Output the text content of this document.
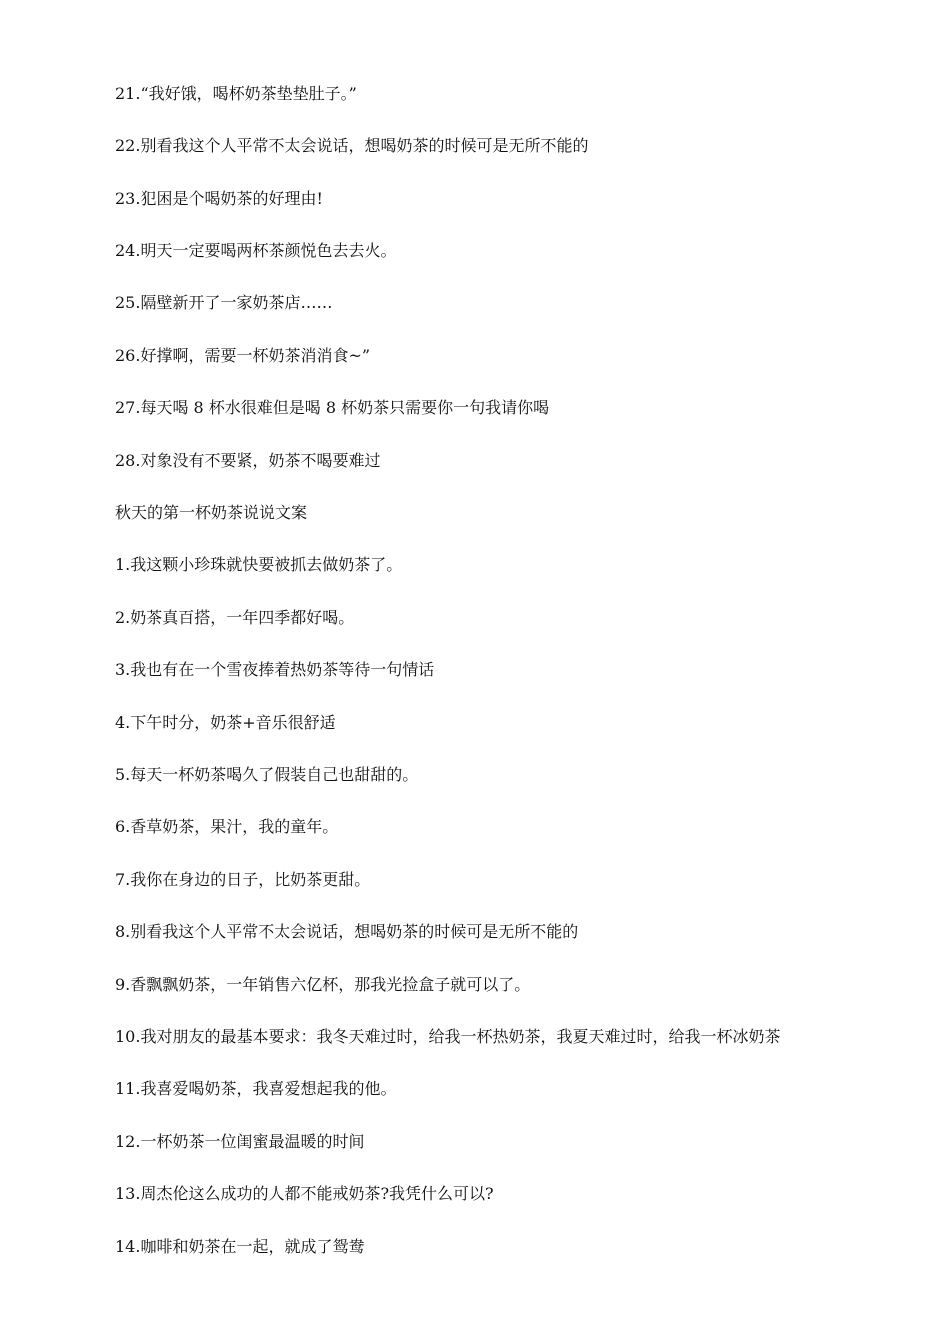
21.“我好饿，喝杯奶茶垫垫肚子。”
22.别看我这个人平常不太会说话，想喝奶茶的时候可是无所不能的
23.犯困是个喝奶茶的好理由!
24.明天一定要喝两杯茶颜悦色去去火。
25.隔壁新开了一家奶茶店……
26.好撑啊，需要一杯奶茶消消食~”
27.每天喝 8 杯水很难但是喝 8 杯奶茶只需要你一句我请你喝
28.对象没有不要紧，奶茶不喝要难过
秋天的第一杯奶茶说说文案
1.我这颗小珍珠就快要被抓去做奶茶了。
2.奶茶真百搭，一年四季都好喝。
3.我也有在一个雪夜捧着热奶茶等待一句情话
4.下午时分，奶茶+音乐很舒适
5.每天一杯奶茶喝久了假装自己也甜甜的。
6.香草奶茶，果汁，我的童年。
7.我你在身边的日子，比奶茶更甜。
8.别看我这个人平常不太会说话，想喝奶茶的时候可是无所不能的
9.香飘飘奶茶，一年销售六亿杯，那我光捡盒子就可以了。
10.我对朋友的最基本要求：我冬天难过时，给我一杯热奶茶，我夏天难过时，给我一杯冰奶茶
11.我喜爱喝奶茶，我喜爱想起我的他。
12.一杯奶茶一位闺蜜最温暖的时间
13.周杰伦这么成功的人都不能戒奶茶?我凭什么可以?
14.咖啡和奶茶在一起，就成了鸳鸯
